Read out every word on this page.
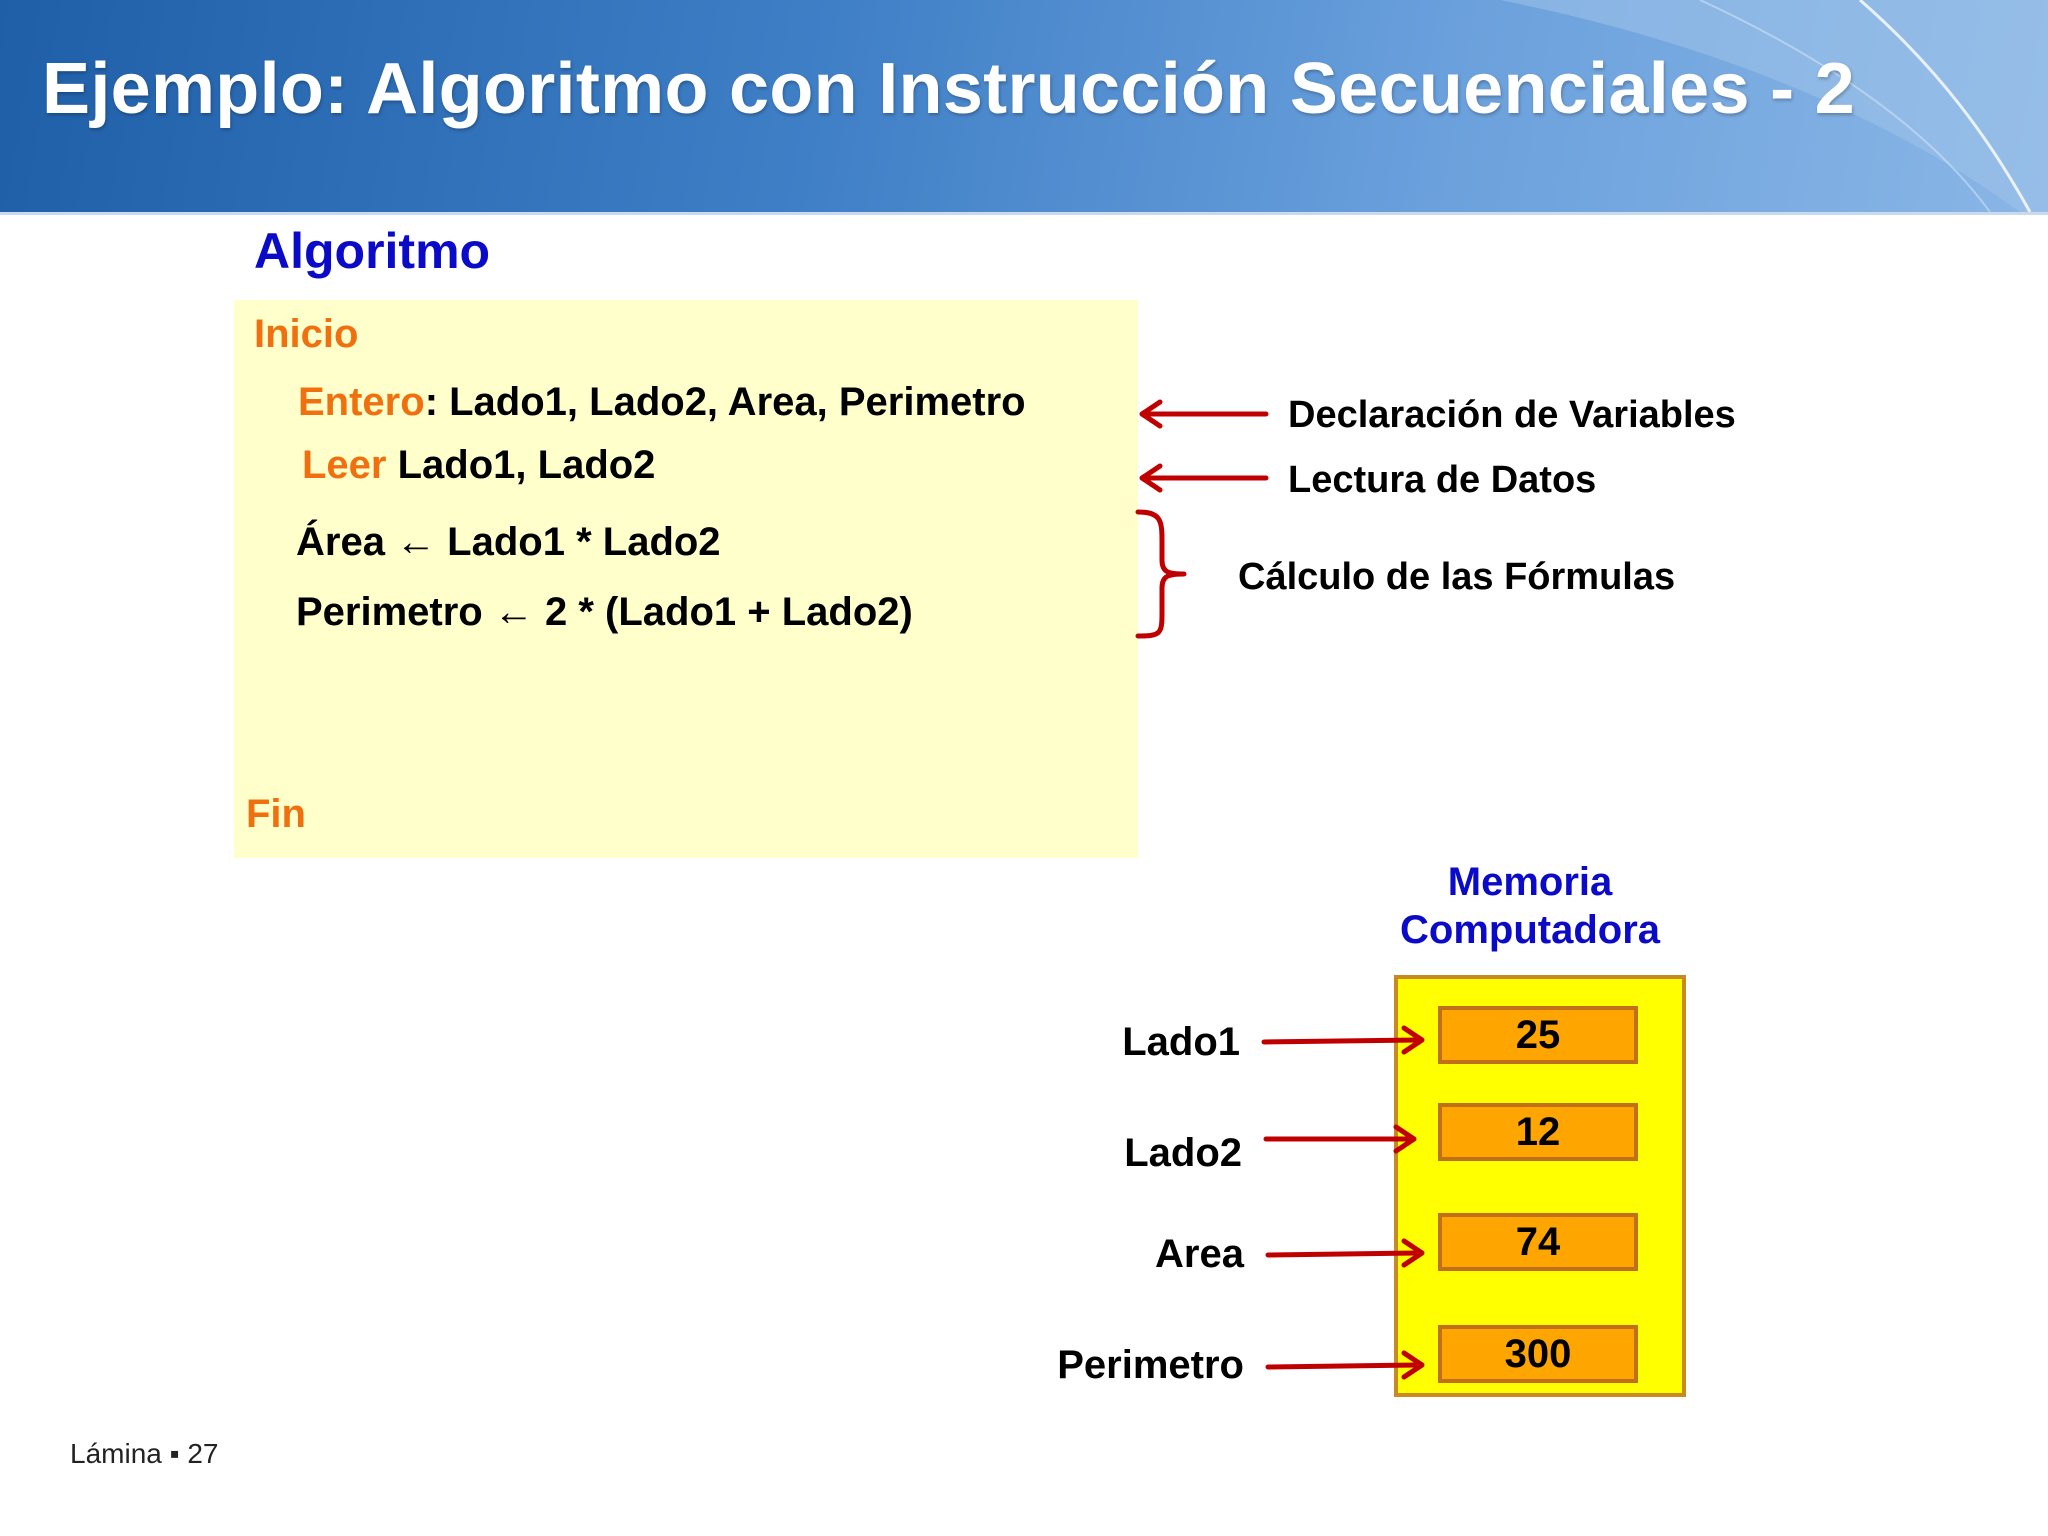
Ejemplo: Algoritmo con Instrucción Secuenciales - 2
Algoritmo
Inicio
Entero: Lado1, Lado2, Area, Perimetro
Leer Lado1, Lado2
Área ← Lado1 * Lado2
Perimetro ← 2 * (Lado1 + Lado2)
Fin
Declaración de Variables
Lectura de Datos
Cálculo de las Fórmulas
Memoria
Computadora
25
12
74
300
Lado1
Lado2
Area
Perimetro
Lámina ▪ 27
